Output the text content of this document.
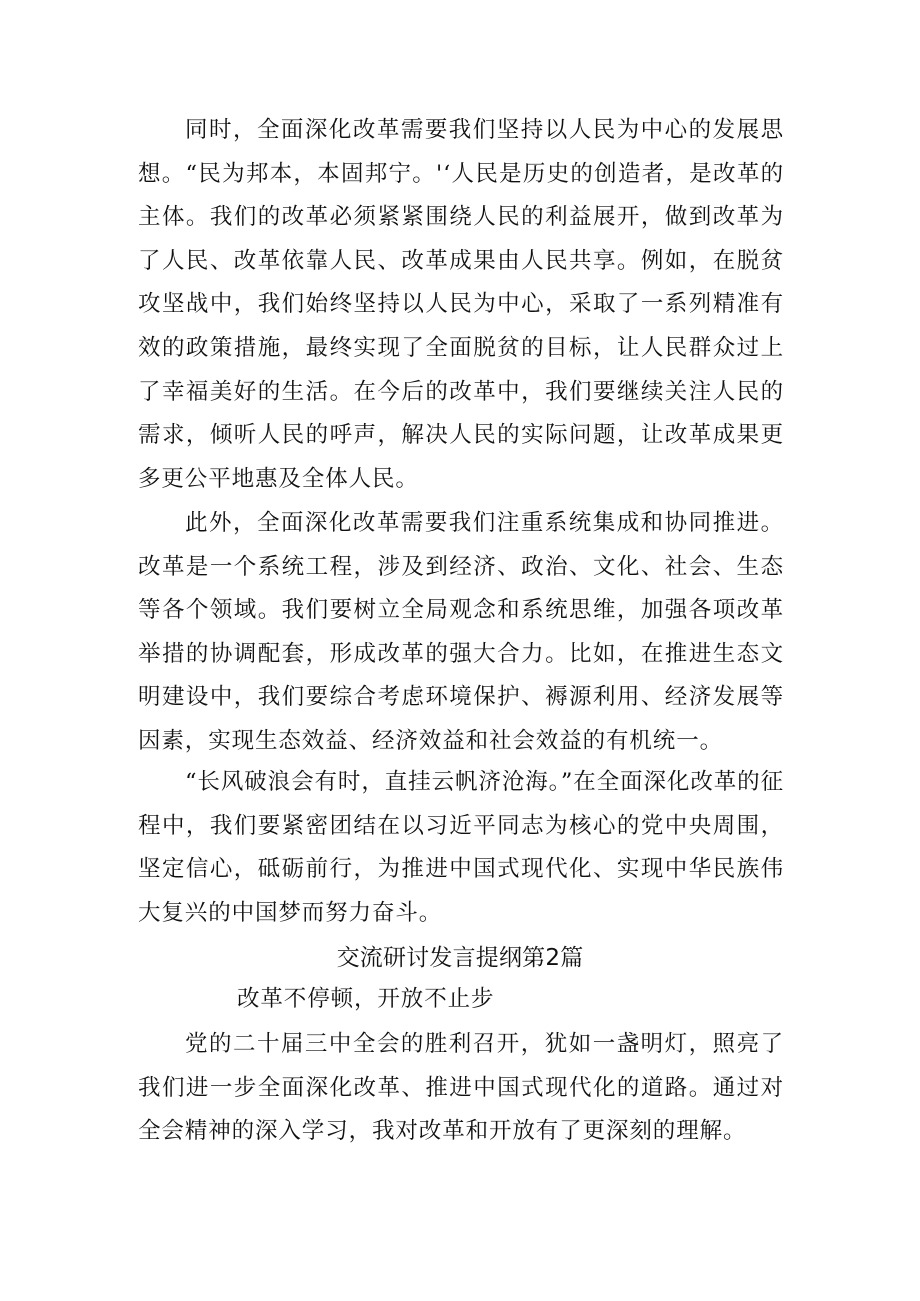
同时，全面深化改革需要我们坚持以人民为中心的发展思想。“民为邦本，本固邦宁。'‘人民是历史的创造者，是改革的主体。我们的改革必须紧紧围绕人民的利益展开，做到改革为了人民、改革依靠人民、改革成果由人民共享。例如，在脱贫攻坚战中，我们始终坚持以人民为中心，采取了一系列精准有效的政策措施，最终实现了全面脱贫的目标，让人民群众过上了幸福美好的生活。在今后的改革中，我们要继续关注人民的需求，倾听人民的呼声，解决人民的实际问题，让改革成果更多更公平地惠及全体人民。

此外，全面深化改革需要我们注重系统集成和协同推进。改革是一个系统工程，涉及到经济、政治、文化、社会、生态等各个领域。我们要树立全局观念和系统思维，加强各项改革举措的协调配套，形成改革的强大合力。比如，在推进生态文明建设中，我们要综合考虑环境保护、褥源利用、经济发展等因素，实现生态效益、经济效益和社会效益的有机统一。

“长风破浪会有时，直挂云帆济沧海。”在全面深化改革的征程中，我们要紧密团结在以习近平同志为核心的党中央周围，坚定信心，砥砺前行，为推进中国式现代化、实现中华民族伟大复兴的中国梦而努力奋斗。

交流研讨发言提纲第2篇

改革不停顿，开放不止步

党的二十届三中全会的胜利召开，犹如一盏明灯，照亮了我们进一步全面深化改革、推进中国式现代化的道路。通过对全会精神的深入学习，我对改革和开放有了更深刻的理解。
